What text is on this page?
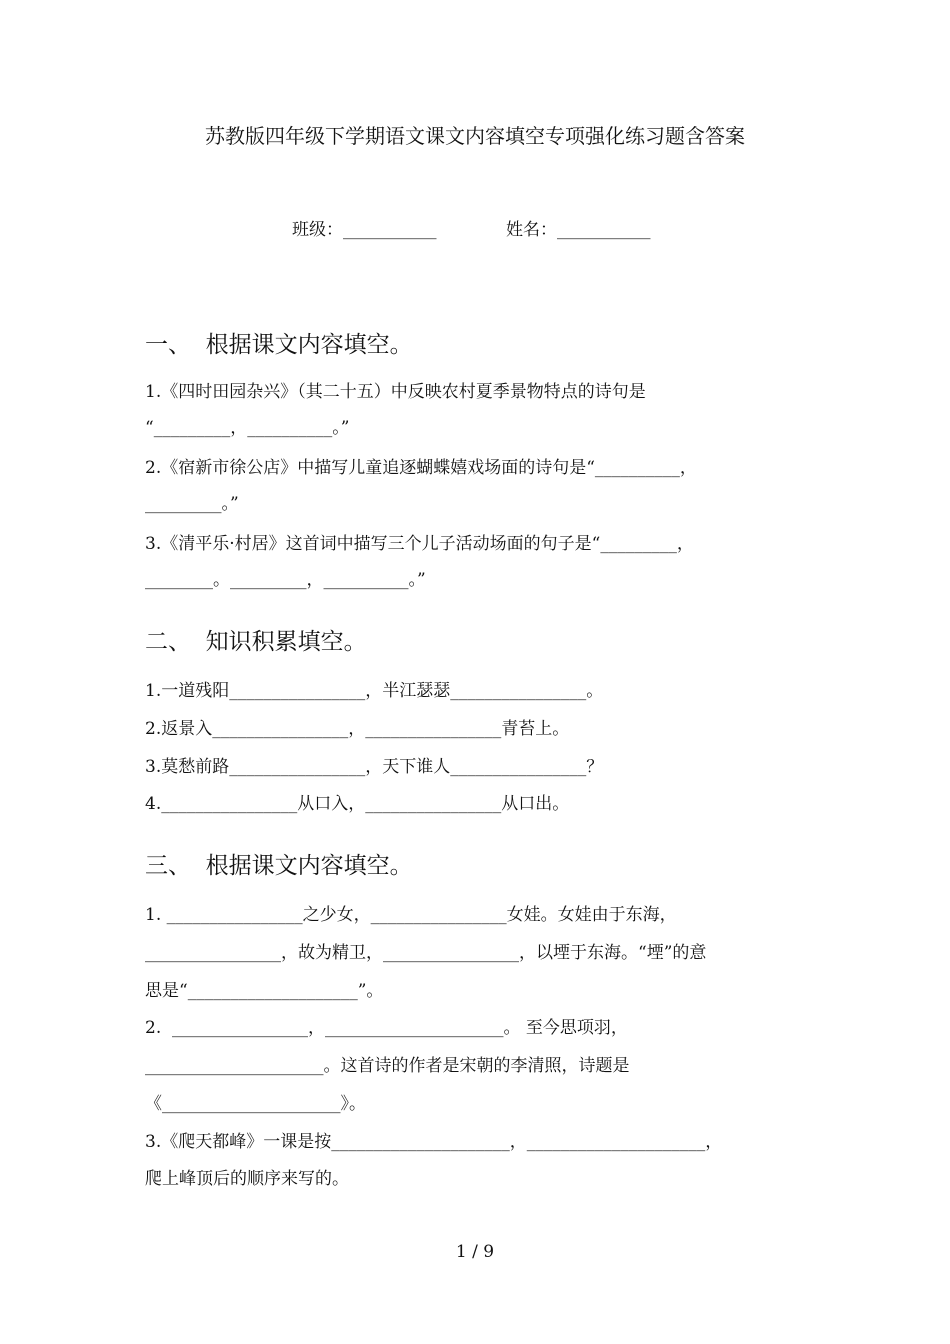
苏教版四年级下学期语文课文内容填空专项强化练习题含答案
班级：___________	姓名：___________
一、  根据课文内容填空。
1.《四时田园杂兴》（其二十五）中反映农村夏季景物特点的诗句是
“_________，__________。”
2.《宿新市徐公店》中描写儿童追逐蝴蝶嬉戏场面的诗句是“__________，
_________。”
3.《清平乐·村居》这首词中描写三个儿子活动场面的句子是“_________，
________。_________，__________。”
二、  知识积累填空。
1.一道残阳________________，半江瑟瑟________________。
2.返景入________________，________________青苔上。
3.莫愁前路________________，天下谁人________________？
4.________________从口入，________________从口出。
三、  根据课文内容填空。
1. ________________之少女，________________女娃。女娃由于东海，
________________，故为精卫，________________，以堙于东海。“堙”的意
思是“____________________”。
2.  ________________，_____________________。 至今思项羽，
_____________________。这首诗的作者是宋朝的李清照，诗题是
《_____________________》。
3.《爬天都峰》一课是按_____________________，_____________________，
爬上峰顶后的顺序来写的。
1 / 9
